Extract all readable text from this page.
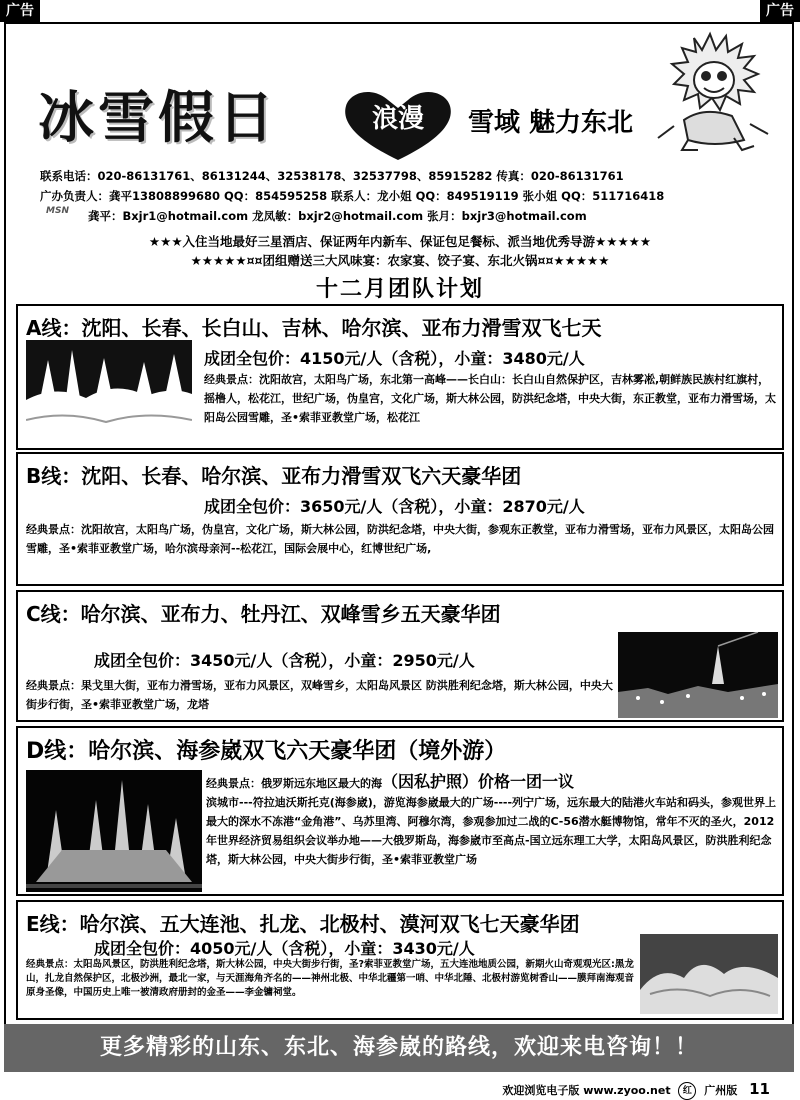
广告	广告
冰雪假日	浪漫	雪域 魅力东北
联系电话：020-86131761、86131244、32538178、32537798、85915282 传真：020-86131761
广办负责人：龚平13808899680 QQ：854595258 联系人：龙小姐 QQ：849519119 张小姐 QQ：511716418
龚平：Bxjr1@hotmail.com 龙凤敏：bxjr2@hotmail.com 张月：bxjr3@hotmail.com
MSN
★★★入住当地最好三星酒店、保证两年内新车、保证包足餐标、派当地优秀导游★★★★★
★★★★★¤¤团组赠送三大风味宴：农家宴、饺子宴、东北火锅¤¤★★★★★
十二月团队计划
A线：沈阳、长春、长白山、吉林、哈尔滨、亚布力滑雪双飞七天
成团全包价：4150元/人（含税），小童：3480元/人
经典景点：沈阳故宫，太阳鸟广场，东北第一高峰——长白山：长白山自然保护区，吉林雾凇,朝鲜族民族村红旗村，摇橹人，松花江，世纪广场，伪皇宫，文化广场，斯大林公园，防洪纪念塔，中央大街，东正教堂，亚布力滑雪场，太阳岛公园雪雕，圣•索菲亚教堂广场，松花江
B线：沈阳、长春、哈尔滨、亚布力滑雪双飞六天豪华团
成团全包价：3650元/人（含税），小童：2870元/人
经典景点：沈阳故宫，太阳鸟广场，伪皇宫，文化广场，斯大林公园，防洪纪念塔，中央大街，参观东正教堂，亚布力滑雪场，亚布力风景区，太阳岛公园雪雕，圣•索菲亚教堂广场，哈尔滨母亲河--松花江，国际会展中心，红博世纪广场,
C线：哈尔滨、亚布力、牡丹江、双峰雪乡五天豪华团
成团全包价：3450元/人（含税），小童：2950元/人
经典景点：果戈里大街，亚布力滑雪场，亚布力风景区，双峰雪乡，太阳岛风景区 防洪胜利纪念塔，斯大林公园，中央大街步行街，圣•索菲亚教堂广场，龙塔
D线：哈尔滨、海参崴双飞六天豪华团（境外游）
经典景点：俄罗斯远东地区最大的海（因私护照）价格一团一议
滨城市---符拉迪沃斯托克(海参崴)，游览海参崴最大的广场----列宁广场，远东最大的陆港火车站和码头，参观世界上最大的深水不冻港“金角港”、乌苏里湾、阿穆尔湾，参观参加过二战的C-56潜水艇博物馆，常年不灭的圣火，2012年世界经济贸易组织会议举办地——大俄罗斯岛，海参崴市至高点-国立远东理工大学，太阳岛风景区，防洪胜利纪念塔，斯大林公园，中央大街步行街，圣•索菲亚教堂广场
E线：哈尔滨、五大连池、扎龙、北极村、漠河双飞七天豪华团
成团全包价：4050元/人（含税），小童：3430元/人
经典景点：太阳岛风景区，防洪胜利纪念塔，斯大林公园，中央大街步行街，圣?索菲亚教堂广场，五大连池地质公园，新期火山奇观观光区:黑龙山，扎龙自然保护区，北极沙洲，最北一家，与天涯海角齐名的——神州北极、中华北疆第一哨、中华北陲、北极村游览树香山——膜拜南海观音原身圣像，中国历史上唯一被清政府册封的金圣——李金镛祠堂。
更多精彩的山东、东北、海参崴的路线，欢迎来电咨询！！
欢迎浏览电子版 www.zyoo.net 红 广州版 11
